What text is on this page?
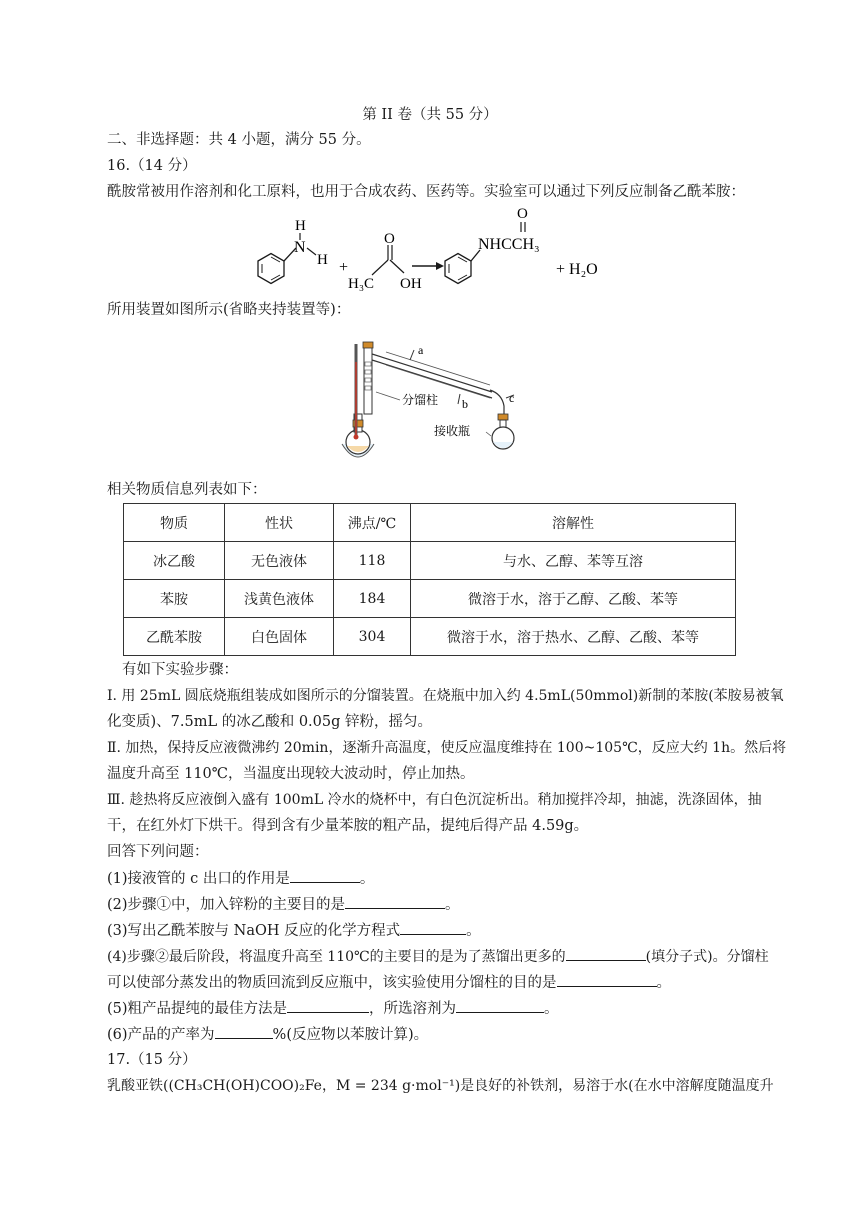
第 II 卷（共 55 分）
二、非选择题：共 4 小题，满分 55 分。
16.（14 分）
酰胺常被用作溶剂和化工原料，也用于合成农药、医药等。实验室可以通过下列反应制备乙酰苯胺：
H
N
H +
H₃C
O
OH
O
NHCCH₃
+ H₂O
所用装置如图所示(省略夹持装置等)：
分馏柱
a
b	c
接收瓶
相关物质信息列表如下：
物质	性状	沸点/℃	溶解性
冰乙酸	无色液体	118	与水、乙醇、苯等互溶
苯胺	浅黄色液体	184	微溶于水，溶于乙醇、乙酸、苯等
乙酰苯胺	白色固体	304	微溶于水，溶于热水、乙醇、乙酸、苯等
有如下实验步骤：
Ⅰ. 用 25mL 圆底烧瓶组装成如图所示的分馏装置。在烧瓶中加入约 4.5mL(50mmol)新制的苯胺(苯胺易被氧
化变质)、7.5mL 的冰乙酸和 0.05g 锌粉，摇匀。
Ⅱ. 加热，保持反应液微沸约 20min，逐渐升高温度，使反应温度维持在 100~105℃，反应大约 1h。然后将
温度升高至 110℃，当温度出现较大波动时，停止加热。
Ⅲ. 趁热将反应液倒入盛有 100mL 冷水的烧杯中，有白色沉淀析出。稍加搅拌冷却，抽滤，洗涤固体，抽
干，在红外灯下烘干。得到含有少量苯胺的粗产品，提纯后得产品 4.59g。
回答下列问题：
(1)接液管的 c 出口的作用是	。
(2)步骤①中，加入锌粉的主要目的是	。
(3)写出乙酰苯胺与 NaOH 反应的化学方程式	。
(4)步骤②最后阶段，将温度升高至 110℃的主要目的是为了蒸馏出更多的	(填分子式)。分馏柱
可以使部分蒸发出的物质回流到反应瓶中，该实验使用分馏柱的目的是	。
(5)粗产品提纯的最佳方法是	，所选溶剂为	。
(6)产品的产率为	%(反应物以苯胺计算)。
17.（15 分）
乳酸亚铁((CH₃CH(OH)COO)₂Fe，M = 234 g·mol⁻¹)是良好的补铁剂，易溶于水(在水中溶解度随温度升
